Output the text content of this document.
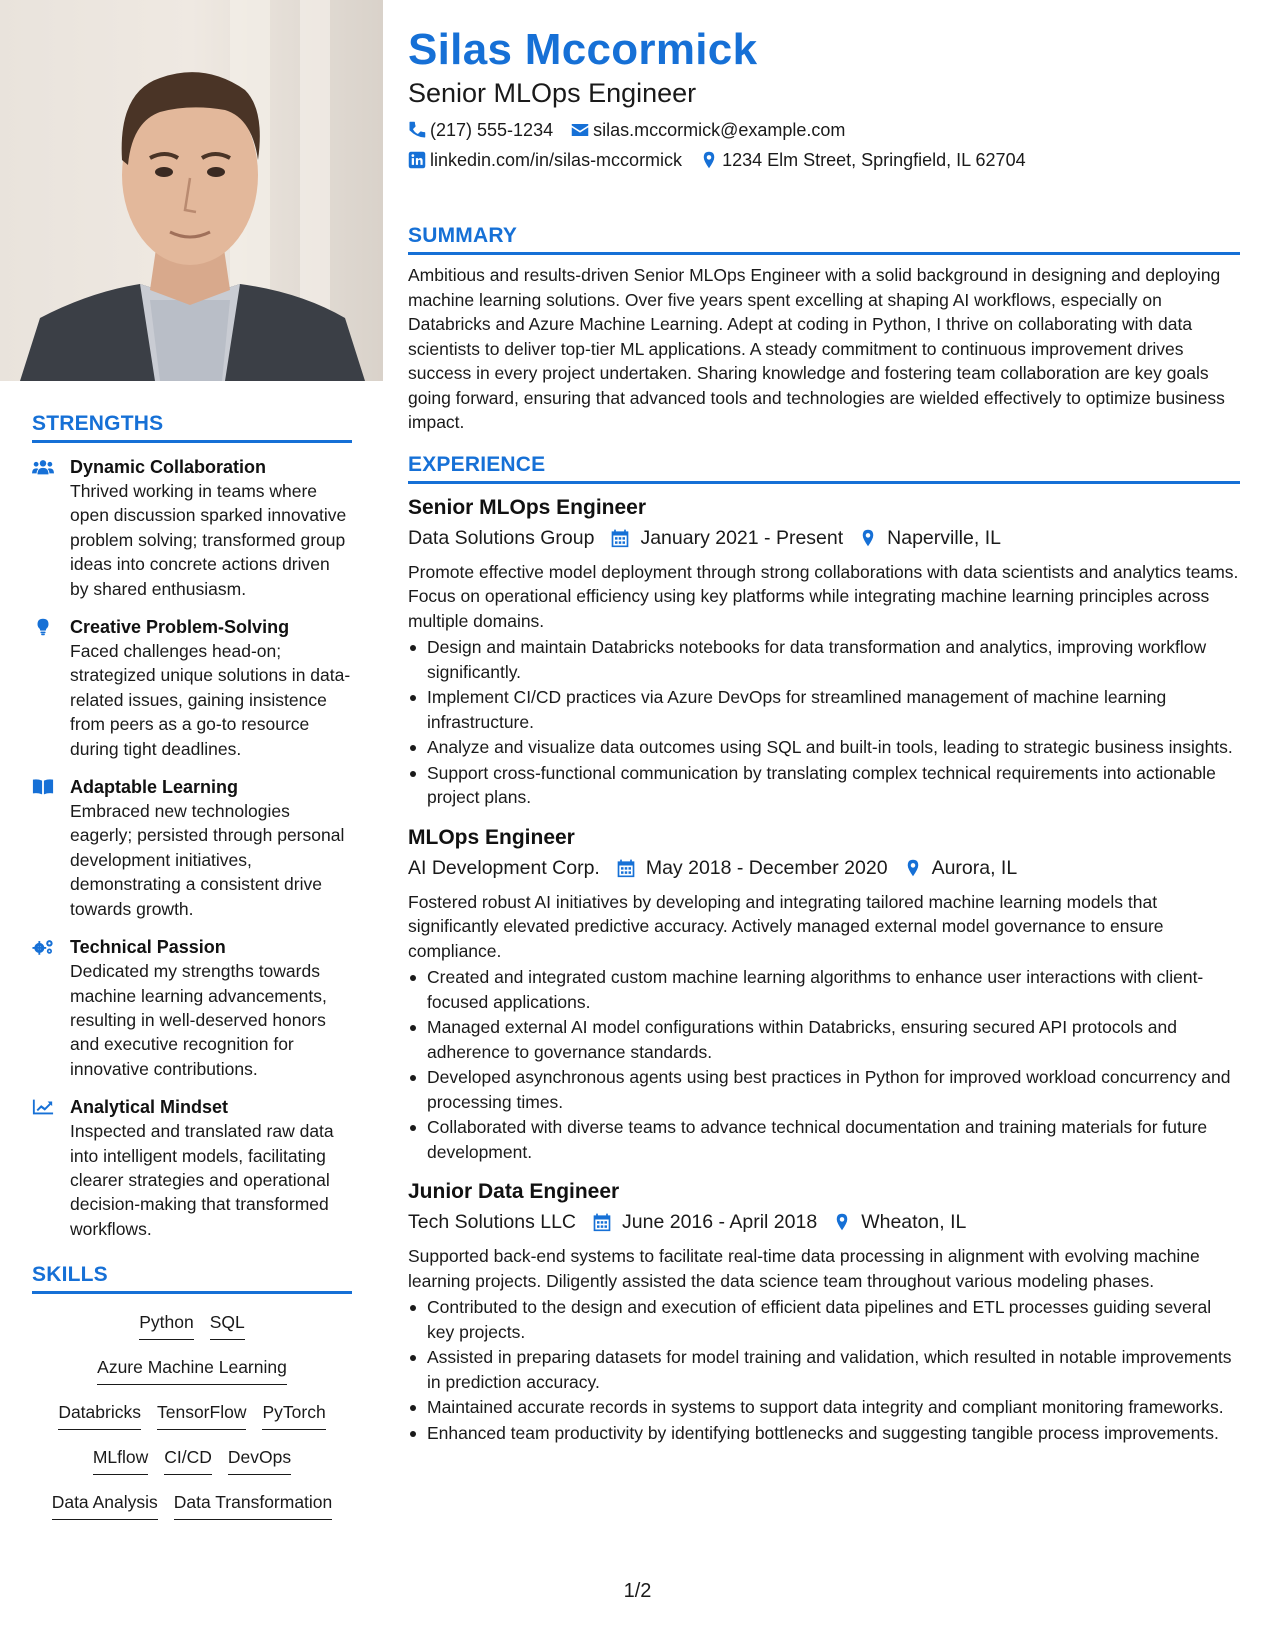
STRENGTHS
Dynamic Collaboration
Thrived working in teams where open discussion sparked innovative problem solving; transformed group ideas into concrete actions driven by shared enthusiasm.
Creative Problem-Solving
Faced challenges head-on; strategized unique solutions in data-related issues, gaining insistence from peers as a go-to resource during tight deadlines.
Adaptable Learning
Embraced new technologies eagerly; persisted through personal development initiatives, demonstrating a consistent drive towards growth.
Technical Passion
Dedicated my strengths towards machine learning advancements, resulting in well-deserved honors and executive recognition for innovative contributions.
Analytical Mindset
Inspected and translated raw data into intelligent models, facilitating clearer strategies and operational decision-making that transformed workflows.
SKILLS
Python SQL
Azure Machine Learning
Databricks TensorFlow PyTorch
MLflow CI/CD DevOps
Data Analysis Data Transformation
Silas Mccormick
Senior MLOps Engineer
(217) 555-1234 silas.mccormick@example.com
linkedin.com/in/silas-mccormick 1234 Elm Street, Springfield, IL 62704
SUMMARY
Ambitious and results-driven Senior MLOps Engineer with a solid background in designing and deploying machine learning solutions. Over five years spent excelling at shaping AI workflows, especially on Databricks and Azure Machine Learning. Adept at coding in Python, I thrive on collaborating with data scientists to deliver top-tier ML applications. A steady commitment to continuous improvement drives success in every project undertaken. Sharing knowledge and fostering team collaboration are key goals going forward, ensuring that advanced tools and technologies are wielded effectively to optimize business impact.
EXPERIENCE
Senior MLOps Engineer
Data Solutions Group January 2021 - Present Naperville, IL
Promote effective model deployment through strong collaborations with data scientists and analytics teams. Focus on operational efficiency using key platforms while integrating machine learning principles across multiple domains.
Design and maintain Databricks notebooks for data transformation and analytics, improving workflow significantly.
Implement CI/CD practices via Azure DevOps for streamlined management of machine learning infrastructure.
Analyze and visualize data outcomes using SQL and built-in tools, leading to strategic business insights.
Support cross-functional communication by translating complex technical requirements into actionable project plans.
MLOps Engineer
AI Development Corp. May 2018 - December 2020 Aurora, IL
Fostered robust AI initiatives by developing and integrating tailored machine learning models that significantly elevated predictive accuracy. Actively managed external model governance to ensure compliance.
Created and integrated custom machine learning algorithms to enhance user interactions with client-focused applications.
Managed external AI model configurations within Databricks, ensuring secured API protocols and adherence to governance standards.
Developed asynchronous agents using best practices in Python for improved workload concurrency and processing times.
Collaborated with diverse teams to advance technical documentation and training materials for future development.
Junior Data Engineer
Tech Solutions LLC June 2016 - April 2018 Wheaton, IL
Supported back-end systems to facilitate real-time data processing in alignment with evolving machine learning projects. Diligently assisted the data science team throughout various modeling phases.
Contributed to the design and execution of efficient data pipelines and ETL processes guiding several key projects.
Assisted in preparing datasets for model training and validation, which resulted in notable improvements in prediction accuracy.
Maintained accurate records in systems to support data integrity and compliant monitoring frameworks.
Enhanced team productivity by identifying bottlenecks and suggesting tangible process improvements.
1/2
